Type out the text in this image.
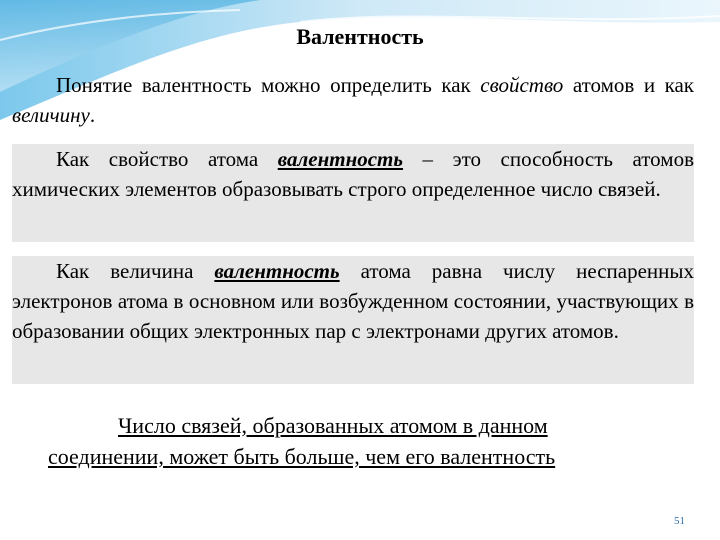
Валентность
Понятие валентность можно определить как свойство атомов и как величину.
Как свойство атома валентность – это способность атомов химических элементов образовывать строго определенное число связей.
Как величина валентность атома равна числу неспаренных электронов атома в основном или возбужденном состоянии, участвующих в образовании общих электронных пар с электронами других атомов.
Число связей, образованных атомом в данном
соединении, может быть больше, чем его валентность
51
